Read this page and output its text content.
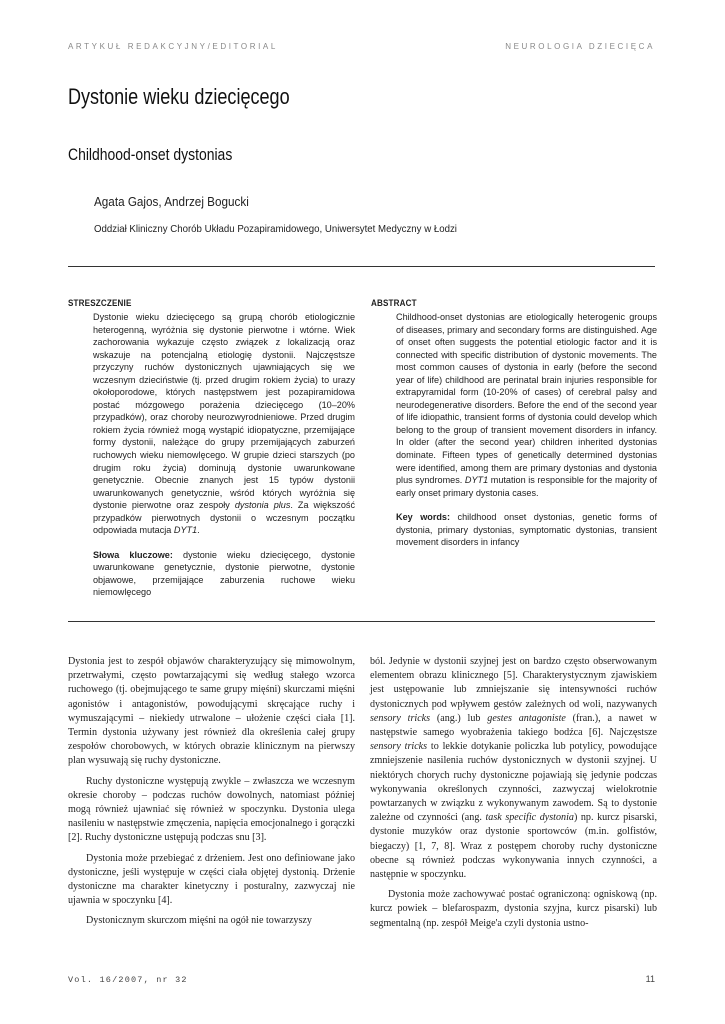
ARTYKUŁ REDAKCYJNY/EDITORIAL	NEUROLOGIA DZIECIĘCA
Dystonie wieku dziecięcego
Childhood-onset dystonias
Agata Gajos, Andrzej Bogucki
Oddział Kliniczny Chorób Układu Pozapiramidowego, Uniwersytet Medyczny w Łodzi
STRESZCZENIE
Dystonie wieku dziecięcego są grupą chorób etiologicznie heterogenną, wyróżnia się dystonie pierwotne i wtórne. Wiek zachorowania wykazuje często związek z lokalizacją oraz wskazuje na potencjalną etiologię dystonii. Najczęstsze przyczyny ruchów dystonicznych ujawniających się we wczesnym dzieciństwie (tj. przed drugim rokiem życia) to urazy okołoporodowe, których następstwem jest pozapiramidowa postać mózgowego porażenia dziecięcego (10–20% przypadków), oraz choroby neurozwyrodnieniowe. Przed drugim rokiem życia również mogą wystąpić idiopatyczne, przemijające formy dystonii, należące do grupy przemijających zaburzeń ruchowych wieku niemowlęcego. W grupie dzieci starszych (po drugim roku życia) dominują dystonie uwarunkowane genetycznie. Obecnie znanych jest 15 typów dystonii uwarunkowanych genetycznie, wśród których wyróżnia się dystonie pierwotne oraz zespoły dystonia plus. Za większość przypadków pierwotnych dystonii o wczesnym początku odpowiada mutacja DYT1.
Słowa kluczowe: dystonie wieku dziecięcego, dystonie uwarunkowane genetycznie, dystonie pierwotne, dystonie objawowe, przemijające zaburzenia ruchowe wieku niemowlęcego
ABSTRACT
Childhood-onset dystonias are etiologically heterogenic groups of diseases, primary and secondary forms are distinguished. Age of onset often suggests the potential etiologic factor and it is connected with specific distribution of dystonic movements. The most common causes of dystonia in early (before the second year of life) childhood are perinatal brain injuries responsible for extrapyramidal form (10-20% of cases) of cerebral palsy and neurodegenerative disorders. Before the end of the second year of life idiopathic, transient forms of dystonia could develop which belong to the group of transient movement disorders in infancy. In older (after the second year) children inherited dystonias dominate. Fifteen types of genetically determined dystonias were identified, among them are primary dystonias and dystonia plus syndromes. DYT1 mutation is responsible for the majority of early onset primary dystonia cases.
Key words: childhood onset dystonias, genetic forms of dystonia, primary dystonias, symptomatic dystonias, transient movement disorders in infancy

Dystonia jest to zespół objawów charakteryzujący się mimowolnym, przetrwałymi, często powtarzającymi się według stałego wzorca ruchowego (tj. obejmującego te same grupy mięśni) skurczami mięśni agonistów i antagonistów, powodującymi skręcające ruchy i wymuszającymi – niekiedy utrwalone – ułożenie części ciała [1]. Termin dystonia używany jest również dla określenia całej grupy zespołów chorobowych, w których obrazie klinicznym na pierwszy plan wysuwają się ruchy dystoniczne.

Ruchy dystoniczne występują zwykle – zwłaszcza we wczesnym okresie choroby – podczas ruchów dowolnych, natomiast później mogą również ujawniać się również w spoczynku. Dystonia ulega nasileniu w następstwie zmęczenia, napięcia emocjonalnego i gorączki [2]. Ruchy dystoniczne ustępują podczas snu [3].

Dystonia może przebiegać z drżeniem. Jest ono definiowane jako dystoniczne, jeśli występuje w części ciała objętej dystonią. Drżenie dystoniczne ma charakter kinetyczny i posturalny, zazwyczaj nie ujawnia w spoczynku [4].

Dystonicznym skurczom mięśni na ogół nie towarzyszy

ból. Jedynie w dystonii szyjnej jest on bardzo często obserwowanym elementem obrazu klinicznego [5]. Charakterystycznym zjawiskiem jest ustępowanie lub zmniejszanie się intensywności ruchów dystonicznych pod wpływem gestów zależnych od woli, nazywanych sensory tricks (ang.) lub gestes antagoniste (fran.), a nawet w następstwie samego wyobrażenia takiego bodźca [6]. Najczęstsze sensory tricks to lekkie dotykanie policzka lub potylicy, powodujące zmniejszenie nasilenia ruchów dystonicznych w dystonii szyjnej. U niektórych chorych ruchy dystoniczne pojawiają się jedynie podczas wykonywania określonych czynności, zazwyczaj wielokrotnie powtarzanych w związku z wykonywanym zawodem. Są to dystonie zależne od czynności (ang. task specific dystonia) np. kurcz pisarski, dystonie muzyków oraz dystonie sportowców (m.in. golfistów, biegaczy) [1, 7, 8]. Wraz z postępem choroby ruchy dystoniczne obecne są również podczas wykonywania innych czynności, a następnie w spoczynku.

Dystonia może zachowywać postać ograniczoną: ogniskową (np. kurcz powiek – blefarospazm, dystonia szyjna, kurcz pisarski) lub segmentalną (np. zespół Meige'a czyli dystonia ustno-

Vol. 16/2007, nr 32	11
